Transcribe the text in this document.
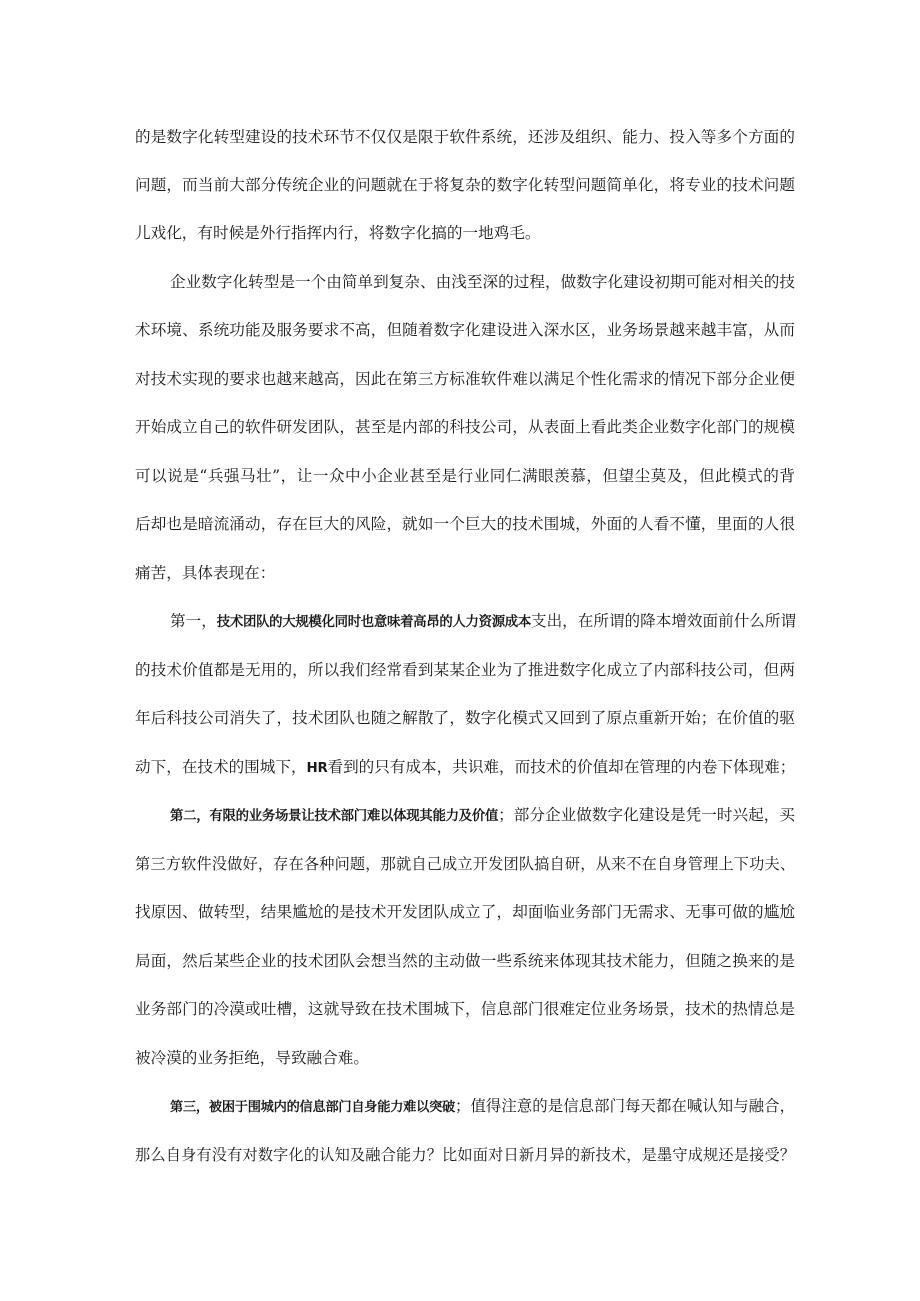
的是数字化转型建设的技术环节不仅仅是限于软件系统，还涉及组织、能力、投入等多个方面的
问题，而当前大部分传统企业的问题就在于将复杂的数字化转型问题简单化，将专业的技术问题
儿戏化，有时候是外行指挥内行，将数字化搞的一地鸡毛。
企业数字化转型是一个由简单到复杂、由浅至深的过程，做数字化建设初期可能对相关的技
术环境、系统功能及服务要求不高，但随着数字化建设进入深水区，业务场景越来越丰富，从而
对技术实现的要求也越来越高，因此在第三方标准软件难以满足个性化需求的情况下部分企业便
开始成立自己的软件研发团队，甚至是内部的科技公司，从表面上看此类企业数字化部门的规模
可以说是“兵强马壮”，让一众中小企业甚至是行业同仁满眼羡慕，但望尘莫及，但此模式的背
后却也是暗流涌动，存在巨大的风险，就如一个巨大的技术围城，外面的人看不懂，里面的人很
痛苦，具体表现在：
第一，技术团队的大规模化同时也意味着高昂的人力资源成本支出，在所谓的降本增效面前什么所谓
的技术价值都是无用的，所以我们经常看到某某企业为了推进数字化成立了内部科技公司，但两
年后科技公司消失了，技术团队也随之解散了，数字化模式又回到了原点重新开始；在价值的驱
动下，在技术的围城下，HR看到的只有成本，共识难，而技术的价值却在管理的内卷下体现难；
第二，有限的业务场景让技术部门难以体现其能力及价值；部分企业做数字化建设是凭一时兴起，买
第三方软件没做好，存在各种问题，那就自己成立开发团队搞自研，从来不在自身管理上下功夫、
找原因、做转型，结果尴尬的是技术开发团队成立了，却面临业务部门无需求、无事可做的尴尬
局面，然后某些企业的技术团队会想当然的主动做一些系统来体现其技术能力，但随之换来的是
业务部门的冷漠或吐槽，这就导致在技术围城下，信息部门很难定位业务场景，技术的热情总是
被冷漠的业务拒绝，导致融合难。
第三，被困于围城内的信息部门自身能力难以突破；值得注意的是信息部门每天都在喊认知与融合，
那么自身有没有对数字化的认知及融合能力？比如面对日新月异的新技术，是墨守成规还是接受？
